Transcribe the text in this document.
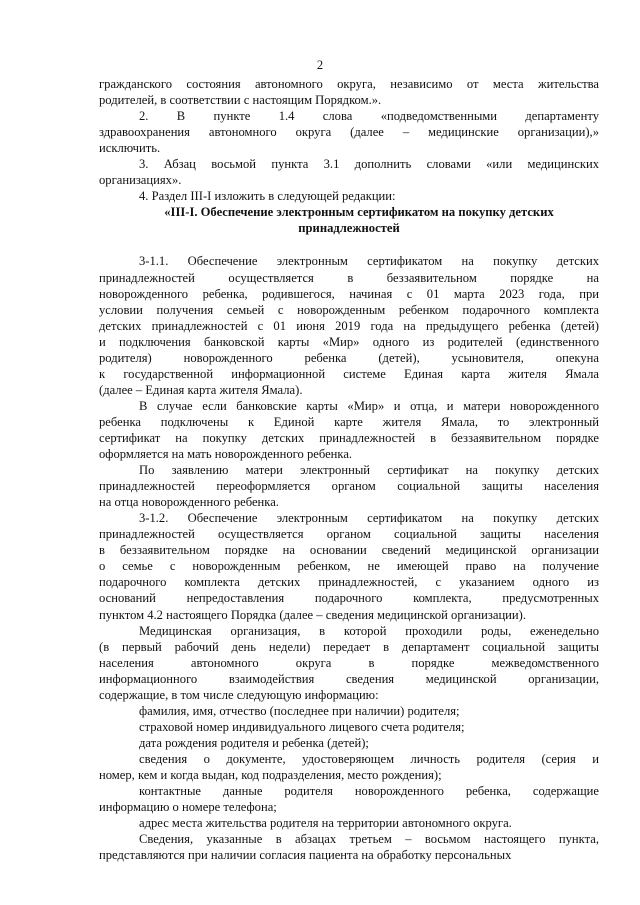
2

гражданского состояния автономного округа, независимо от места жительства

родителей, в соответствии с настоящим Порядком.».

2. В пункте 1.4 слова «подведомственными департаменту

здравоохранения автономного округа (далее – медицинские организации),»

исключить.

3. Абзац восьмой пункта 3.1 дополнить словами «или медицинских

организациях».

4. Раздел III-I изложить в следующей редакции:

«III-I. Обеспечение электронным сертификатом на покупку детских
принадлежностей

3-1.1. Обеспечение электронным сертификатом на покупку детских

принадлежностей осуществляется в беззаявительном порядке на

новорожденного ребенка, родившегося, начиная с 01 марта 2023 года, при

условии получения семьей с новорожденным ребенком подарочного комплекта

детских принадлежностей с 01 июня 2019 года на предыдущего ребенка (детей)

и подключения банковской карты «Мир» одного из родителей (единственного

родителя) новорожденного ребенка (детей), усыновителя, опекуна

к государственной информационной системе Единая карта жителя Ямала

(далее – Единая карта жителя Ямала).

В случае если банковские карты «Мир» и отца, и матери новорожденного

ребенка подключены к Единой карте жителя Ямала, то электронный

сертификат на покупку детских принадлежностей в беззаявительном порядке

оформляется на мать новорожденного ребенка.

По заявлению матери электронный сертификат на покупку детских

принадлежностей переоформляется органом социальной защиты населения

на отца новорожденного ребенка.

3-1.2. Обеспечение электронным сертификатом на покупку детских

принадлежностей осуществляется органом социальной защиты населения

в беззаявительном порядке на основании сведений медицинской организации

о семье с новорожденным ребенком, не имеющей право на получение

подарочного комплекта детских принадлежностей, с указанием одного из

оснований непредоставления подарочного комплекта, предусмотренных

пунктом 4.2 настоящего Порядка (далее – сведения медицинской организации).

Медицинская организация, в которой проходили роды, еженедельно

(в первый рабочий день недели) передает в департамент социальной защиты

населения автономного округа в порядке межведомственного

информационного взаимодействия сведения медицинской организации,

содержащие, в том числе следующую информацию:

фамилия, имя, отчество (последнее при наличии) родителя;

страховой номер индивидуального лицевого счета родителя;

дата рождения родителя и ребенка (детей);

сведения о документе, удостоверяющем личность родителя (серия и

номер, кем и когда выдан, код подразделения, место рождения);

контактные данные родителя новорожденного ребенка, содержащие

информацию о номере телефона;

адрес места жительства родителя на территории автономного округа.

Сведения, указанные в абзацах третьем – восьмом настоящего пункта,

представляются при наличии согласия пациента на обработку персональных
